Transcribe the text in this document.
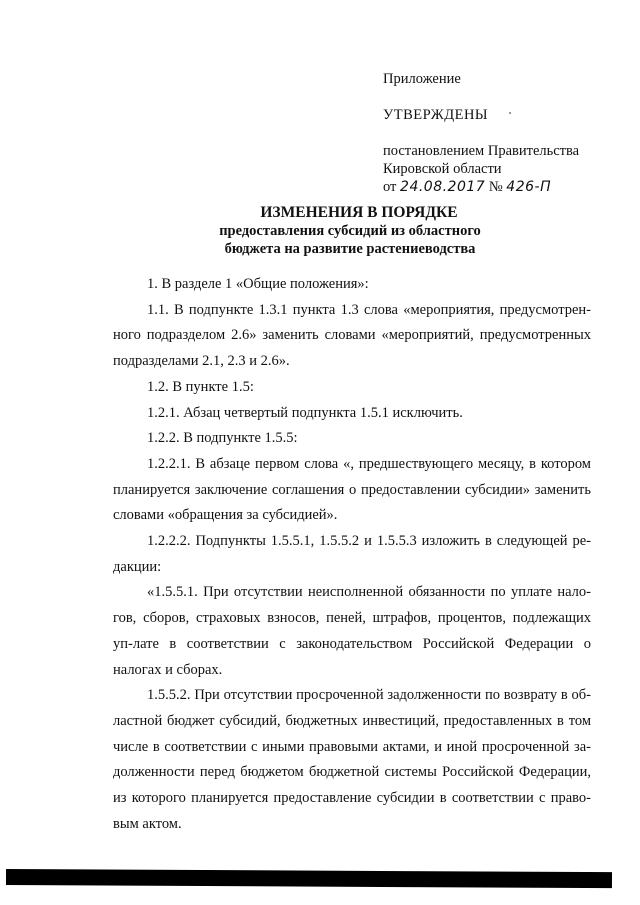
Приложение

УТВЕРЖДЕНЫ

постановлением Правительства

Кировской области

от 24.08.2017 № 426-П

ИЗМЕНЕНИЯ В ПОРЯДКЕ

предоставления субсидий из областного

бюджета на развитие растениеводства

1. В разделе 1 «Общие положения»:

1.1. В подпункте 1.3.1 пункта 1.3 слова «мероприятия, предусмотрен-ного подразделом 2.6» заменить словами «мероприятий, предусмотренных подразделами 2.1, 2.3 и 2.6».

1.2. В пункте 1.5:

1.2.1. Абзац четвертый подпункта 1.5.1 исключить.

1.2.2. В подпункте 1.5.5:

1.2.2.1. В абзаце первом слова «, предшествующего месяцу, в котором планируется заключение соглашения о предоставлении субсидии» заменить словами «обращения за субсидией».

1.2.2.2. Подпункты 1.5.5.1, 1.5.5.2 и 1.5.5.3 изложить в следующей ре-дакции:

«1.5.5.1. При отсутствии неисполненной обязанности по уплате нало-гов, сборов, страховых взносов, пеней, штрафов, процентов, подлежащих уп-лате в соответствии с законодательством Российской Федерации о налогах и сборах.

1.5.5.2. При отсутствии просроченной задолженности по возврату в об-ластной бюджет субсидий, бюджетных инвестиций, предоставленных в том числе в соответствии с иными правовыми актами, и иной просроченной за-долженности перед бюджетом бюджетной системы Российской Федерации, из которого планируется предоставление субсидии в соответствии с право-вым актом.
